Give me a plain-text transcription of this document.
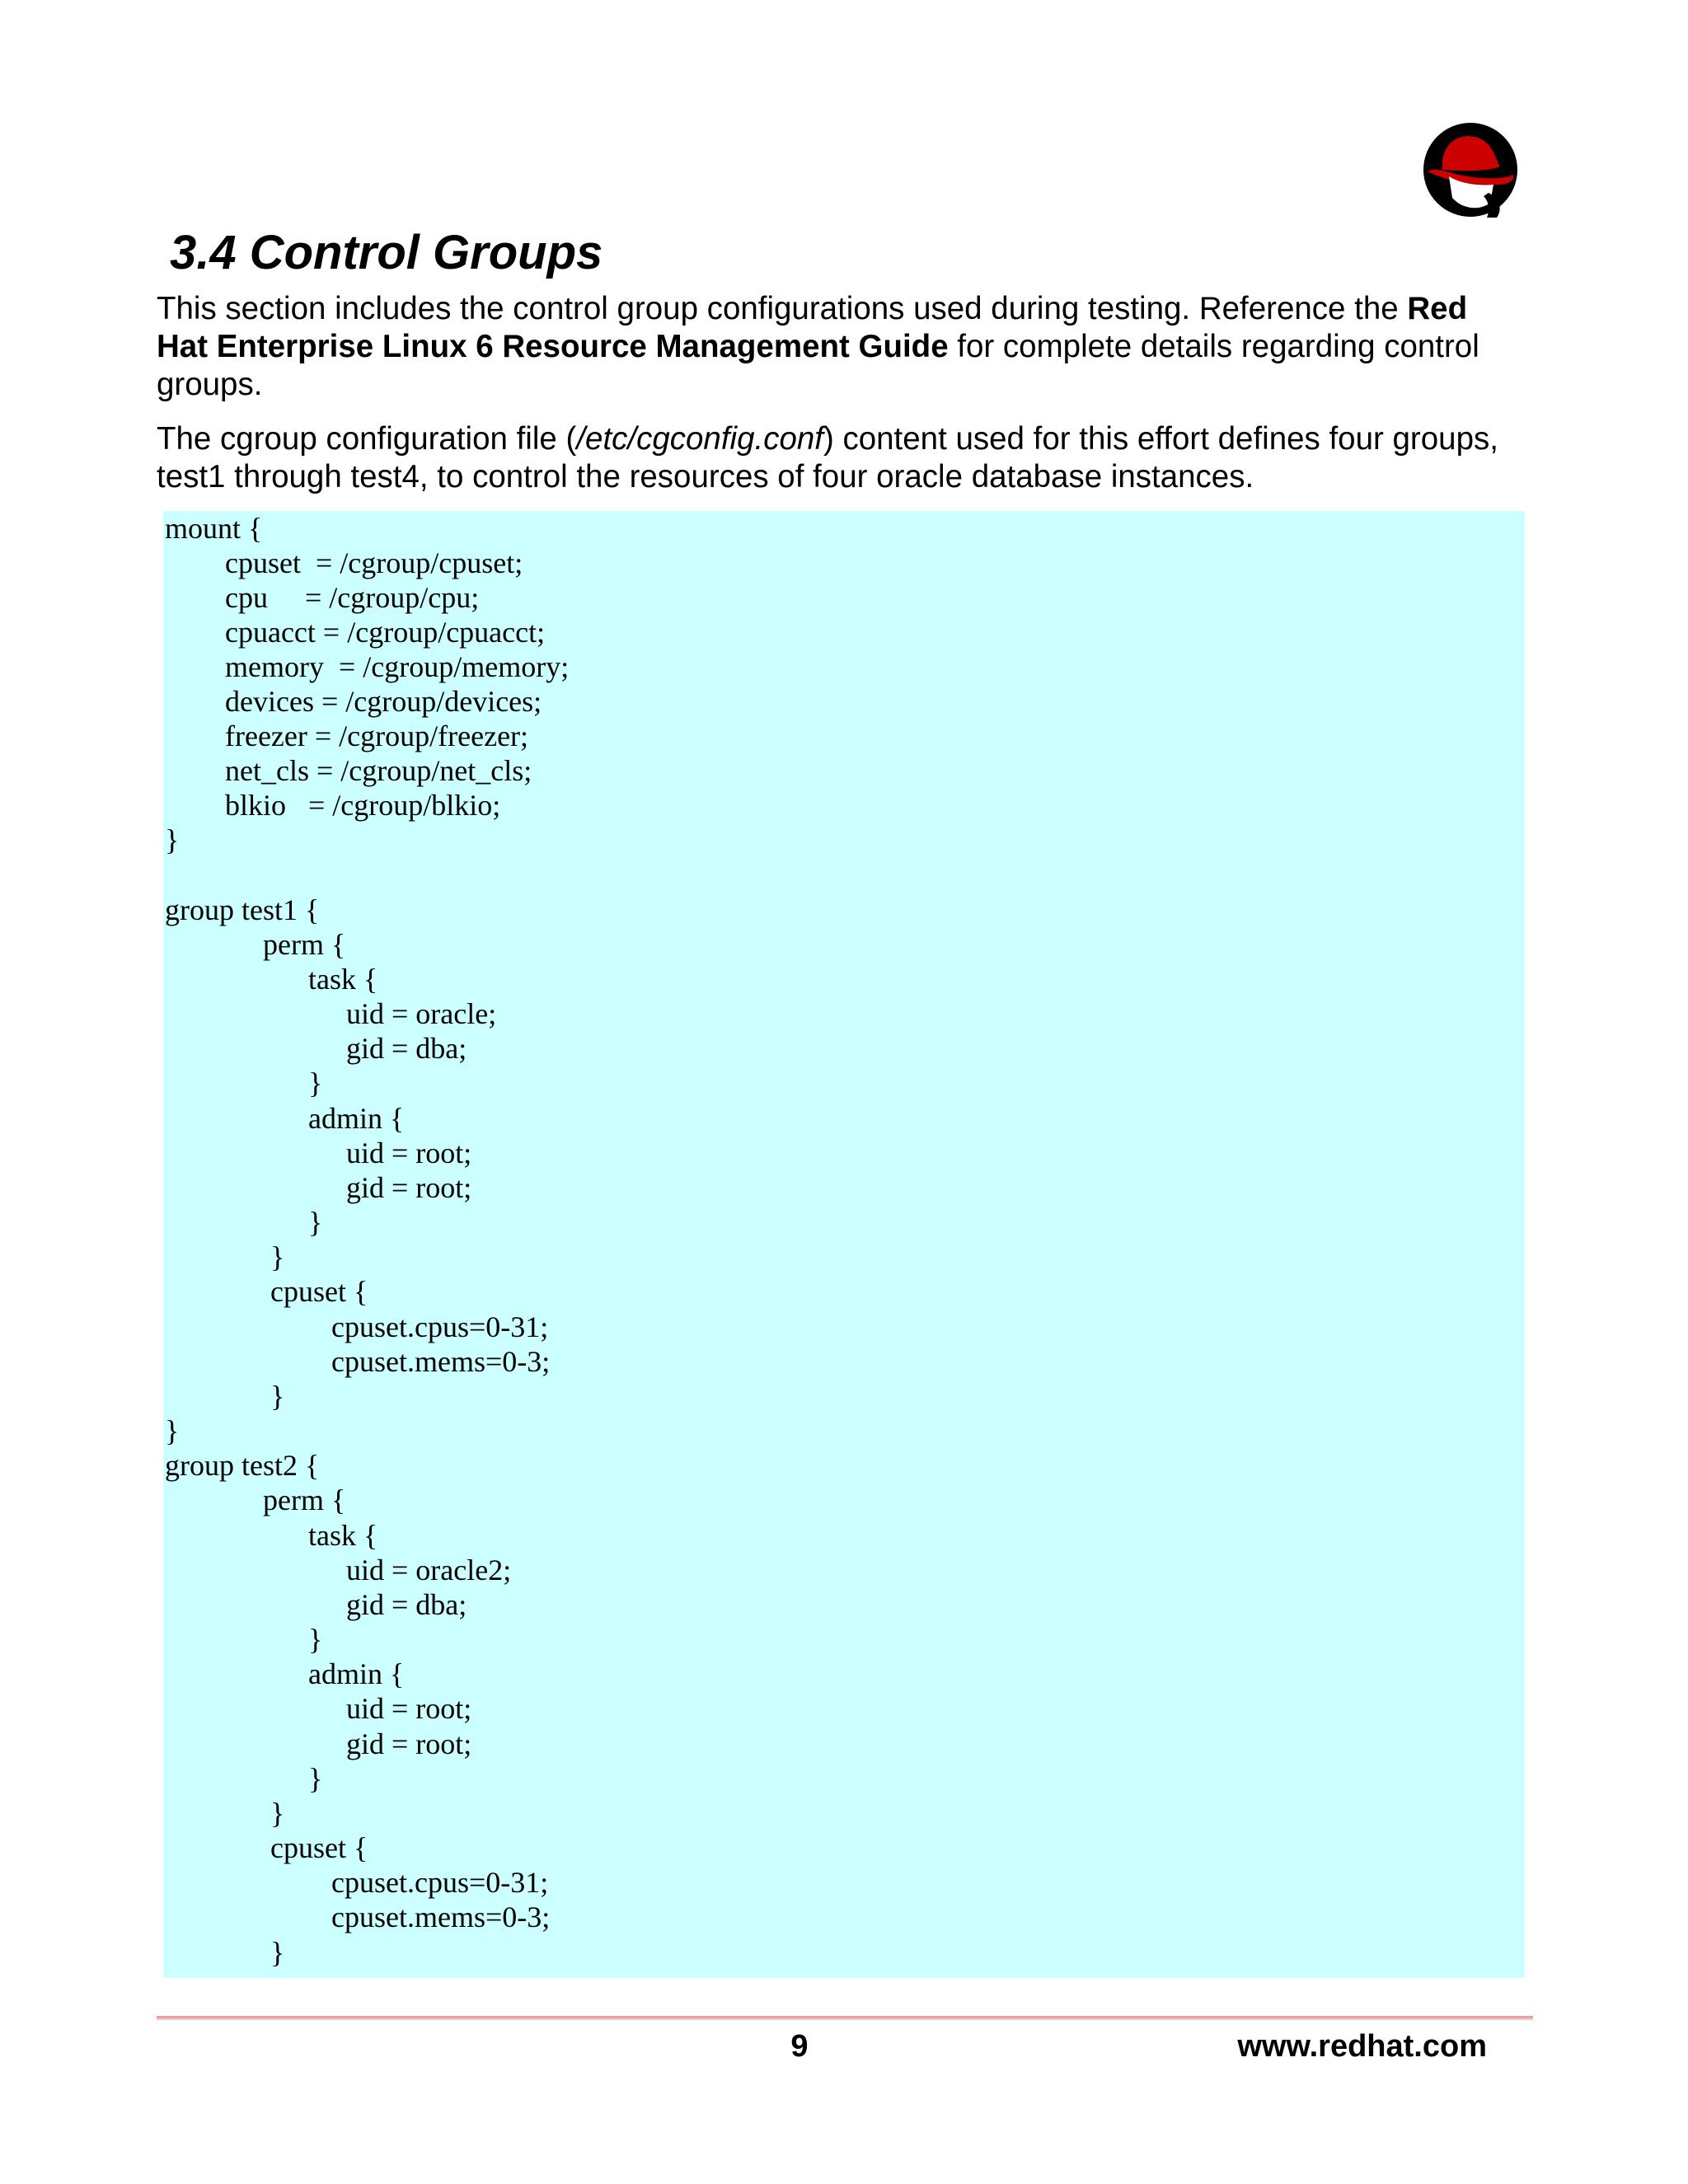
3.4 Control Groups

This section includes the control group configurations used during testing. Reference the Red Hat Enterprise Linux 6 Resource Management Guide for complete details regarding control groups.

The cgroup configuration file (/etc/cgconfig.conf) content used for this effort defines four groups, test1 through test4, to control the resources of four oracle database instances.

mount {
cpuset  = /cgroup/cpuset;
cpu     = /cgroup/cpu;
cpuacct = /cgroup/cpuacct;
memory  = /cgroup/memory;
devices = /cgroup/devices;
freezer = /cgroup/freezer;
net_cls = /cgroup/net_cls;
blkio   = /cgroup/blkio;
}
group test1 {
perm {
task {
uid = oracle;
gid = dba;
}
admin {
uid = root;
gid = root;
}
}
cpuset {
cpuset.cpus=0-31;
cpuset.mems=0-3;
}
}
group test2 {
perm {
task {
uid = oracle2;
gid = dba;
}
admin {
uid = root;
gid = root;
}
}
cpuset {
cpuset.cpus=0-31;
cpuset.mems=0-3;
}
9	www.redhat.com
